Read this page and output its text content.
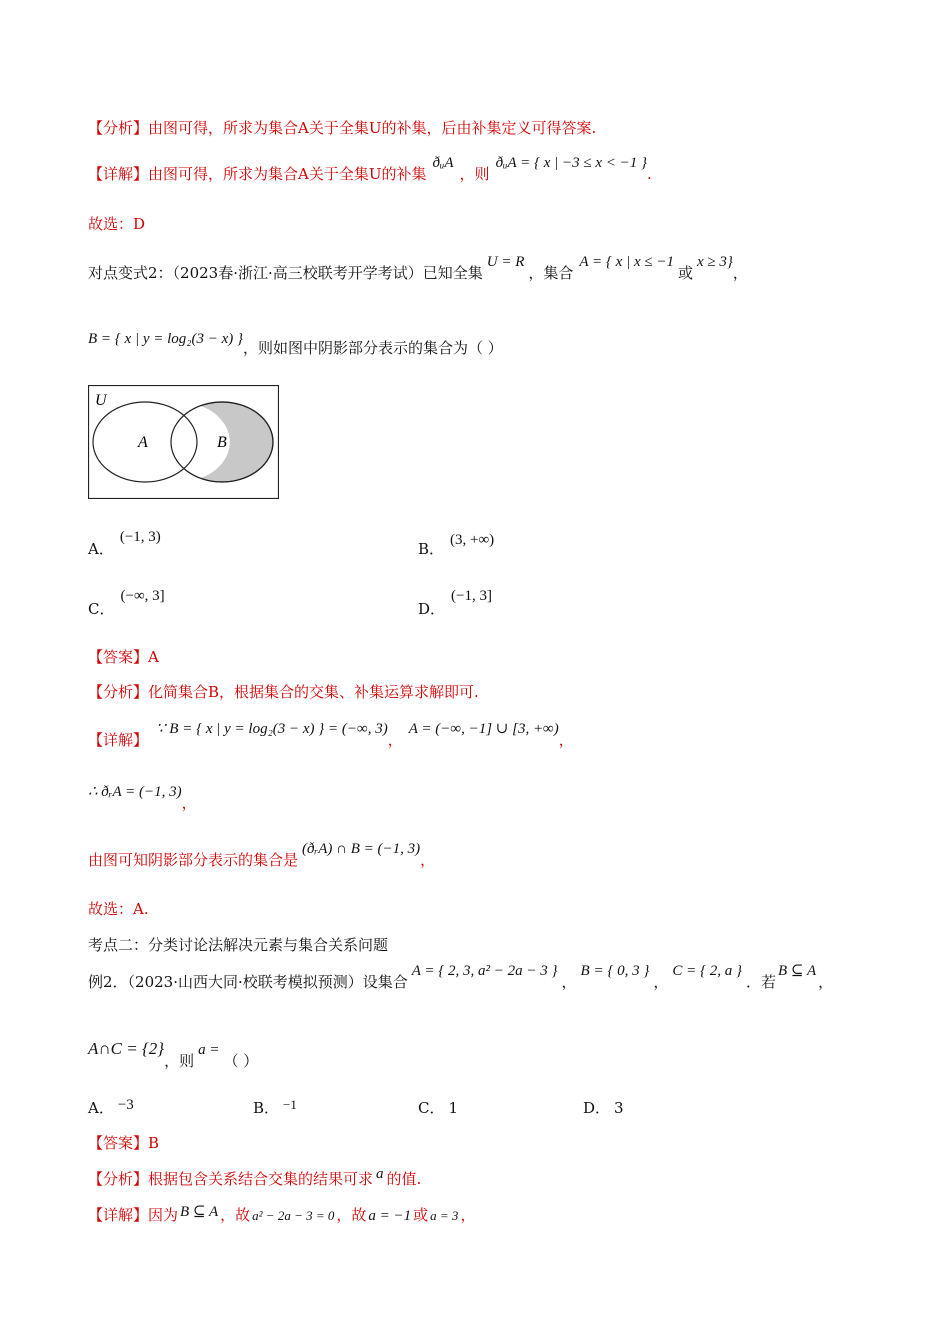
【分析】由图可得，所求为集合A关于全集U的补集，后由补集定义可得答案.
【详解】由图可得，所求为集合A关于全集U的补集ðᵤA，则ðᵤA = { x | −3 ≤ x < −1 }.
故选：D
对点变式2：（2023春·浙江·高三校联考开学考试）已知全集U = R，集合A = { x | x ≤ −1或x ≥ 3}，
B = { x | y = log₂(3 − x) }，则如图中阴影部分表示的集合为（ ）
U
A	B
A．(−1, 3)
B． (3, +∞)
C．(−∞, 3]
D．(−1, 3]
【答案】A
【分析】化简集合B，根据集合的交集、补集运算求解即可.
【详解】∵ B = { x | y = log₂(3 − x) } = (−∞, 3)，A = (−∞, −1] ∪ [3, +∞)，
∴ ðᵣA = (−1, 3)，
由图可知阴影部分表示的集合是(ðᵣA) ∩ B = (−1, 3)，
故选：A.
考点二：分类讨论法解决元素与集合关系问题
例2．（2023·山西大同·校联考模拟预测）设集合A = { 2, 3, a² − 2a − 3 }，B = { 0, 3 }，C = { 2, a }．若B ⊆ A，
A∩C = {2}，则a =（ ）
A． −3	B． −1	C． 1	D． 3
【答案】B
【分析】根据包含关系结合交集的结果可求 a 的值.
【详解】因为 B ⊆ A ，故 a² − 2a − 3 = 0 ，故 a = −1 或 a = 3 ，
